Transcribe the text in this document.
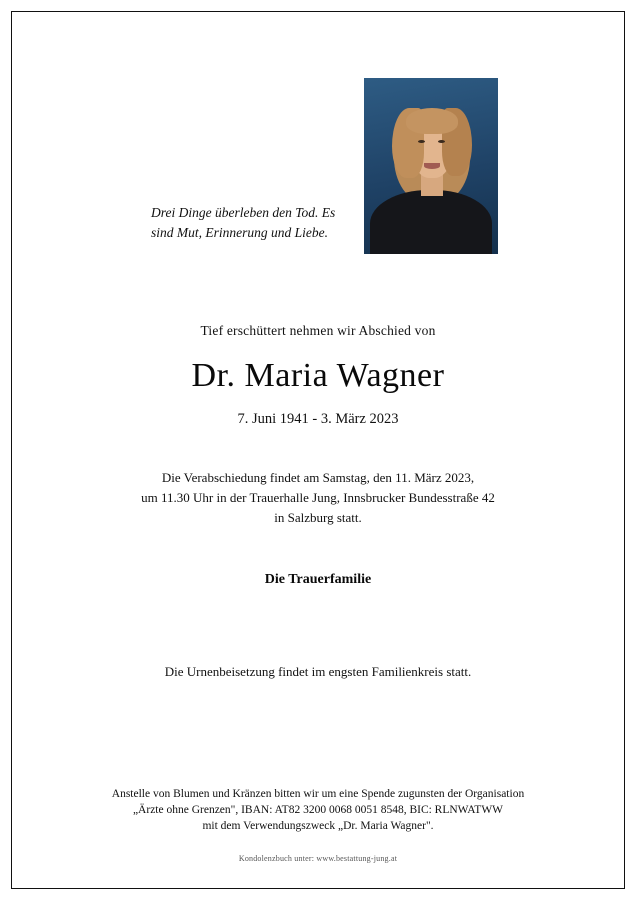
Drei Dinge überleben den Tod. Es sind Mut, Erinnerung und Liebe.
Tief erschüttert nehmen wir Abschied von
Dr. Maria Wagner
7. Juni 1941 - 3. März 2023
Die Verabschiedung findet am Samstag, den 11. März 2023,
um 11.30 Uhr in der Trauerhalle Jung, Innsbrucker Bundesstraße 42
in Salzburg statt.
Die Trauerfamilie
Die Urnenbeisetzung findet im engsten Familienkreis statt.
Anstelle von Blumen und Kränzen bitten wir um eine Spende zugunsten der Organisation
„Ärzte ohne Grenzen", IBAN: AT82 3200 0068 0051 8548, BIC: RLNWATWW
mit dem Verwendungszweck „Dr. Maria Wagner".
Kondolenzbuch unter: www.bestattung-jung.at
